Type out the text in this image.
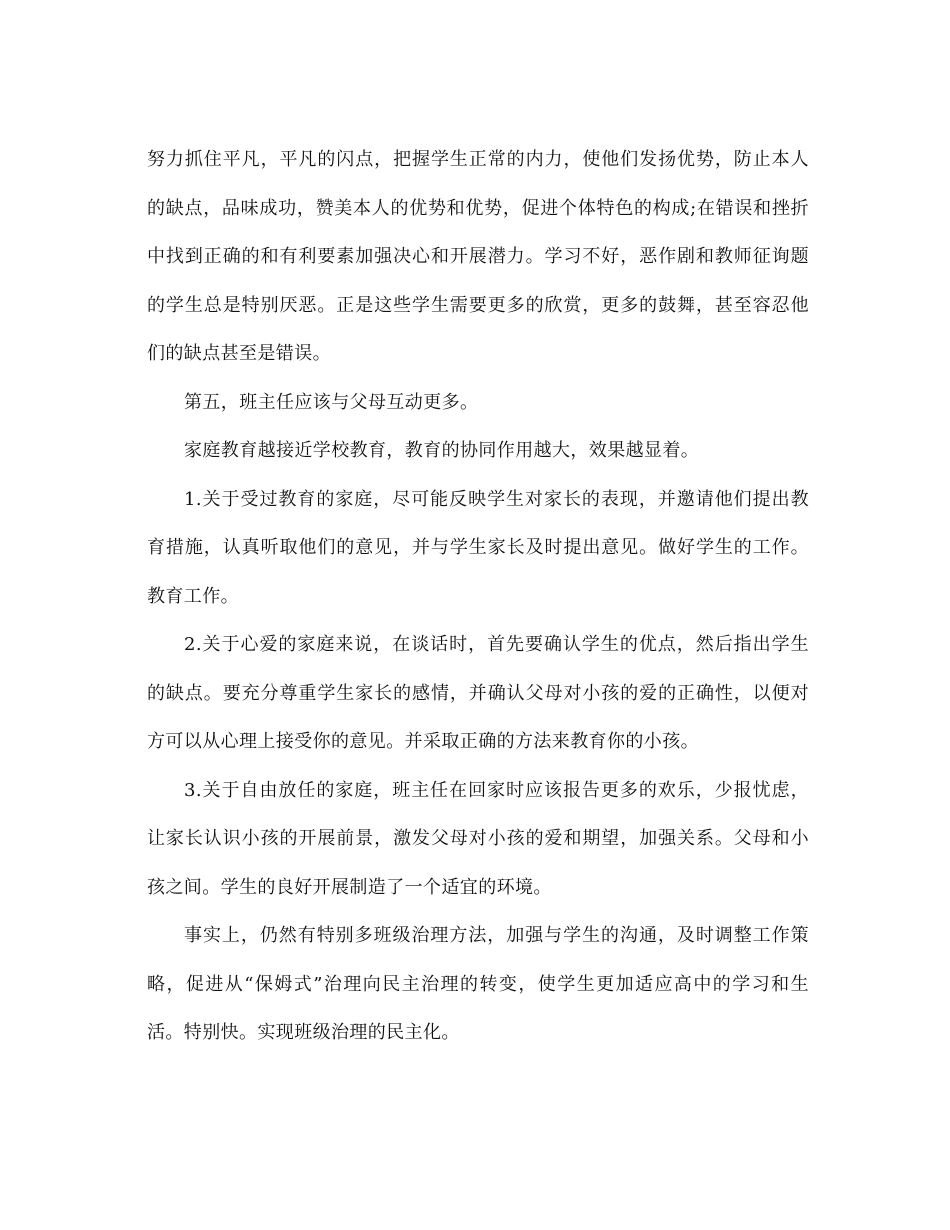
努力抓住平凡，平凡的闪点，把握学生正常的内力，使他们发扬优势，防止本人的缺点，品味成功，赞美本人的优势和优势，促进个体特色的构成;在错误和挫折中找到正确的和有利要素加强决心和开展潜力。学习不好，恶作剧和教师征询题的学生总是特别厌恶。正是这些学生需要更多的欣赏，更多的鼓舞，甚至容忍他们的缺点甚至是错误。

第五，班主任应该与父母互动更多。

家庭教育越接近学校教育，教育的协同作用越大，效果越显着。

1.关于受过教育的家庭，尽可能反映学生对家长的表现，并邀请他们提出教育措施，认真听取他们的意见，并与学生家长及时提出意见。做好学生的工作。教育工作。

2.关于心爱的家庭来说，在谈话时，首先要确认学生的优点，然后指出学生的缺点。要充分尊重学生家长的感情，并确认父母对小孩的爱的正确性，以便对方可以从心理上接受你的意见。并采取正确的方法来教育你的小孩。

3.关于自由放任的家庭，班主任在回家时应该报告更多的欢乐，少报忧虑，让家长认识小孩的开展前景，激发父母对小孩的爱和期望，加强关系。父母和小孩之间。学生的良好开展制造了一个适宜的环境。

事实上，仍然有特别多班级治理方法，加强与学生的沟通，及时调整工作策略，促进从“保姆式”治理向民主治理的转变，使学生更加适应高中的学习和生活。特别快。实现班级治理的民主化。
